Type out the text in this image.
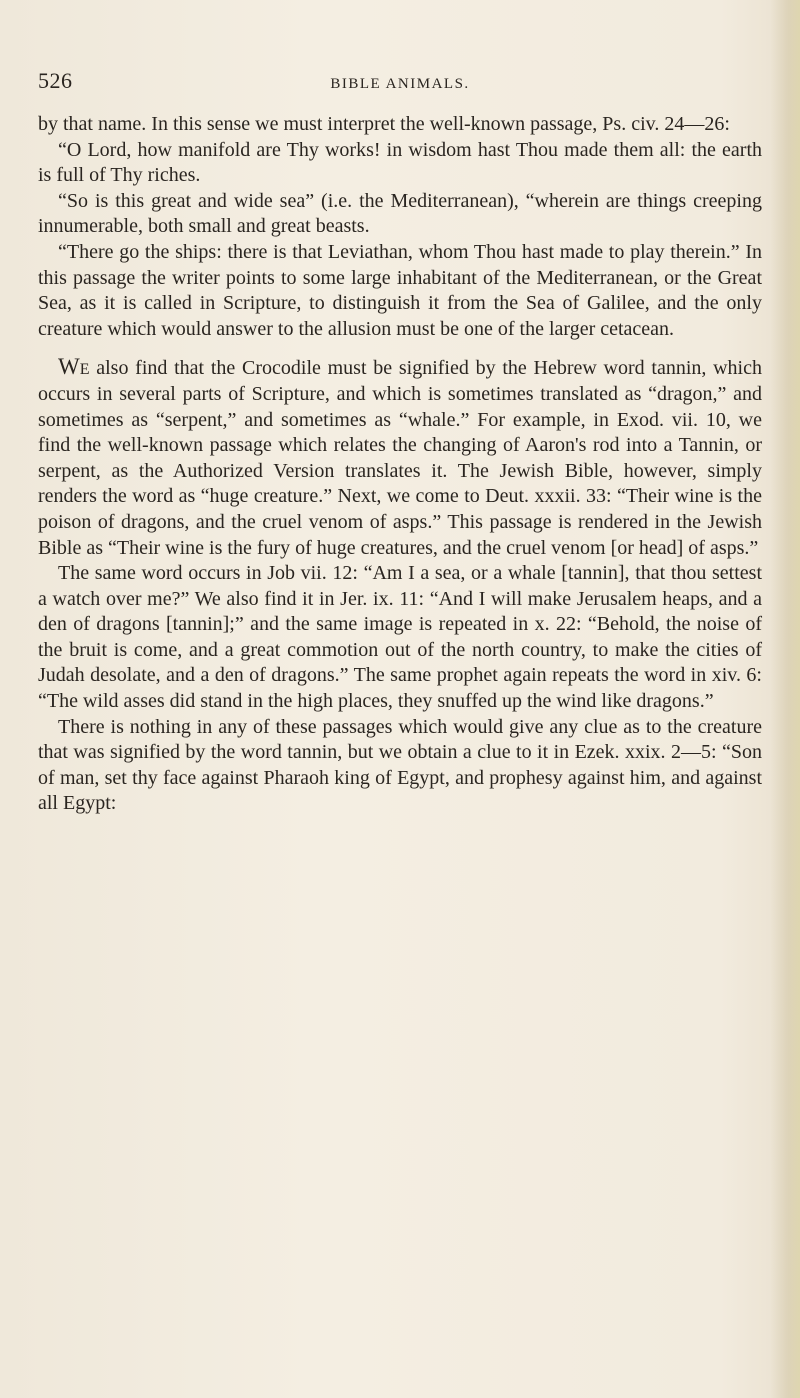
526	BIBLE ANIMALS.

by that name. In this sense we must interpret the well-known passage, Ps. civ. 24—26:

“O Lord, how manifold are Thy works! in wisdom hast Thou made them all: the earth is full of Thy riches.

“So is this great and wide sea” (i.e. the Mediterranean), “wherein are things creeping innumerable, both small and great beasts.

“There go the ships: there is that Leviathan, whom Thou hast made to play therein.” In this passage the writer points to some large inhabitant of the Mediterranean, or the Great Sea, as it is called in Scripture, to distinguish it from the Sea of Galilee, and the only creature which would answer to the allusion must be one of the larger cetacean.

We also find that the Crocodile must be signified by the Hebrew word tannin, which occurs in several parts of Scripture, and which is sometimes translated as “dragon,” and sometimes as “serpent,” and sometimes as “whale.” For example, in Exod. vii. 10, we find the well-known passage which relates the changing of Aaron's rod into a Tannin, or serpent, as the Authorized Version translates it. The Jewish Bible, however, simply renders the word as “huge creature.” Next, we come to Deut. xxxii. 33: “Their wine is the poison of dragons, and the cruel venom of asps.” This passage is rendered in the Jewish Bible as “Their wine is the fury of huge creatures, and the cruel venom [or head] of asps.”

The same word occurs in Job vii. 12: “Am I a sea, or a whale [tannin], that thou settest a watch over me?” We also find it in Jer. ix. 11: “And I will make Jerusalem heaps, and a den of dragons [tannin];” and the same image is repeated in x. 22: “Behold, the noise of the bruit is come, and a great commotion out of the north country, to make the cities of Judah desolate, and a den of dragons.” The same prophet again repeats the word in xiv. 6: “The wild asses did stand in the high places, they snuffed up the wind like dragons.”

There is nothing in any of these passages which would give any clue as to the creature that was signified by the word tannin, but we obtain a clue to it in Ezek. xxix. 2—5: “Son of man, set thy face against Pharaoh king of Egypt, and prophesy against him, and against all Egypt:
